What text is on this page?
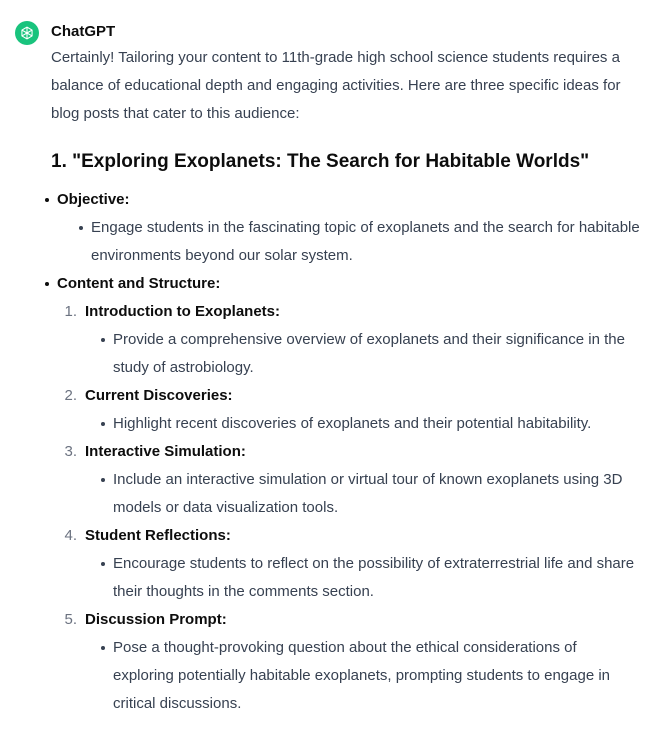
ChatGPT

Certainly! Tailoring your content to 11th-grade high school science students requires a balance of educational depth and engaging activities. Here are three specific ideas for blog posts that cater to this audience:

1. "Exploring Exoplanets: The Search for Habitable Worlds"
Objective:
Engage students in the fascinating topic of exoplanets and the search for habitable environments beyond our solar system.
Content and Structure:
1. Introduction to Exoplanets:
Provide a comprehensive overview of exoplanets and their significance in the study of astrobiology.
2. Current Discoveries:
Highlight recent discoveries of exoplanets and their potential habitability.
3. Interactive Simulation:
Include an interactive simulation or virtual tour of known exoplanets using 3D models or data visualization tools.
4. Student Reflections:
Encourage students to reflect on the possibility of extraterrestrial life and share their thoughts in the comments section.
5. Discussion Prompt:
Pose a thought-provoking question about the ethical considerations of exploring potentially habitable exoplanets, prompting students to engage in critical discussions.
